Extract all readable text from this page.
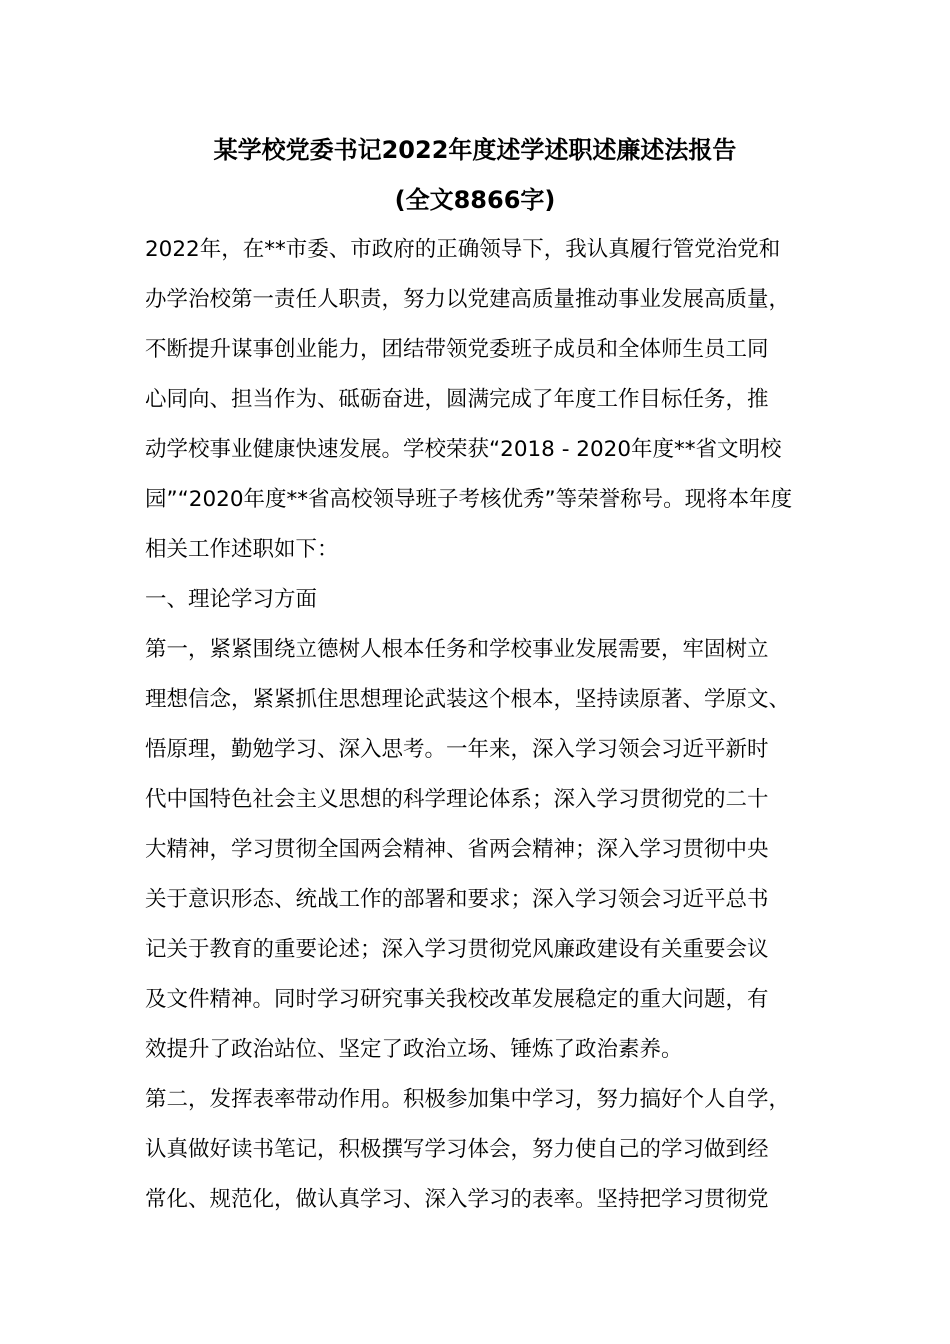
某学校党委书记2022年度述学述职述廉述法报告
(全文8866字)
2022年，在**市委、市政府的正确领导下，我认真履行管党治党和
办学治校第一责任人职责，努力以党建高质量推动事业发展高质量，
不断提升谋事创业能力，团结带领党委班子成员和全体师生员工同
心同向、担当作为、砥砺奋进，圆满完成了年度工作目标任务，推
动学校事业健康快速发展。学校荣获“2018 - 2020年度**省文明校
园”“2020年度**省高校领导班子考核优秀”等荣誉称号。现将本年度
相关工作述职如下：
一、理论学习方面
第一，紧紧围绕立德树人根本任务和学校事业发展需要，牢固树立
理想信念，紧紧抓住思想理论武装这个根本，坚持读原著、学原文、
悟原理，勤勉学习、深入思考。一年来，深入学习领会习近平新时
代中国特色社会主义思想的科学理论体系；深入学习贯彻党的二十
大精神，学习贯彻全国两会精神、省两会精神；深入学习贯彻中央
关于意识形态、统战工作的部署和要求；深入学习领会习近平总书
记关于教育的重要论述；深入学习贯彻党风廉政建设有关重要会议
及文件精神。同时学习研究事关我校改革发展稳定的重大问题，有
效提升了政治站位、坚定了政治立场、锤炼了政治素养。
第二，发挥表率带动作用。积极参加集中学习，努力搞好个人自学，
认真做好读书笔记，积极撰写学习体会，努力使自己的学习做到经
常化、规范化，做认真学习、深入学习的表率。坚持把学习贯彻党
